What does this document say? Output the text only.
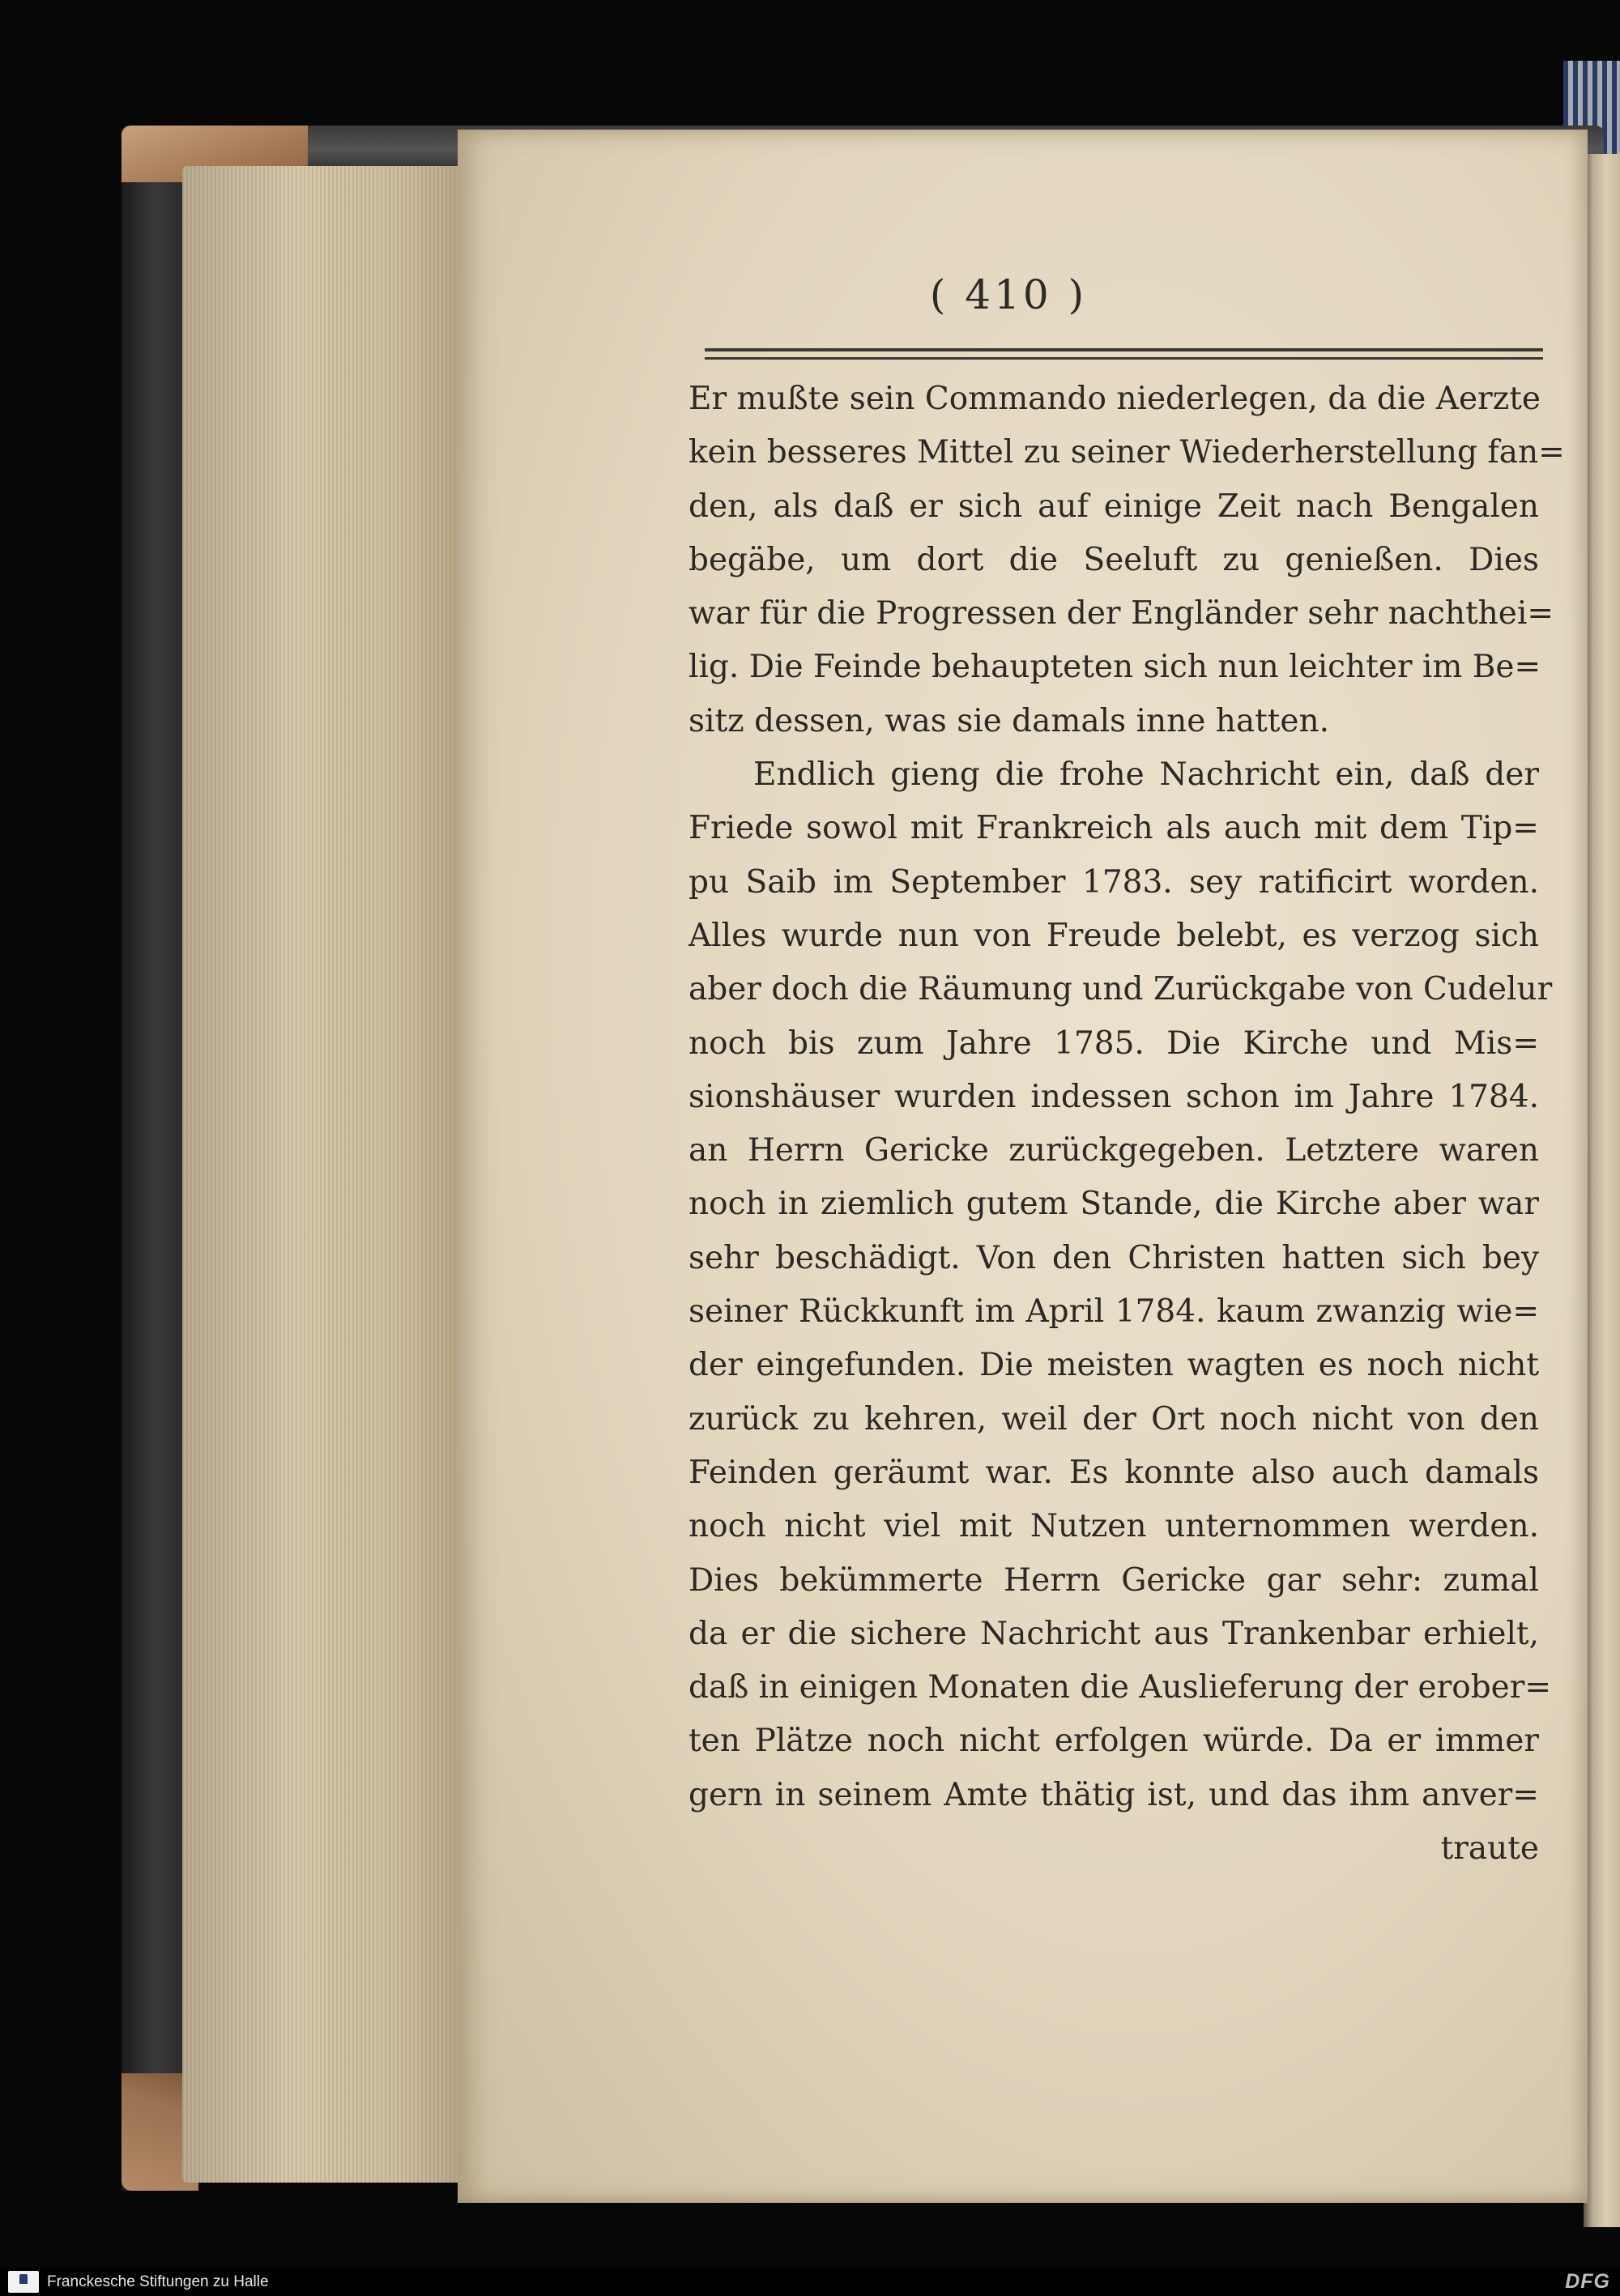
( 410 )
Er mußte sein Commando niederlegen, da die Aerzte
kein besseres Mittel zu seiner Wiederherstellung fan=
den, als daß er sich auf einige Zeit nach Bengalen
begäbe, um dort die Seeluft zu genießen. Dies
war für die Progressen der Engländer sehr nachthei=
lig. Die Feinde behaupteten sich nun leichter im Be=
sitz dessen, was sie damals inne hatten.
Endlich gieng die frohe Nachricht ein, daß der
Friede sowol mit Frankreich als auch mit dem Tip=
pu Saib im September 1783. sey ratificirt worden.
Alles wurde nun von Freude belebt, es verzog sich
aber doch die Räumung und Zurückgabe von Cudelur
noch bis zum Jahre 1785. Die Kirche und Mis=
sionshäuser wurden indessen schon im Jahre 1784.
an Herrn Gericke zurückgegeben. Letztere waren
noch in ziemlich gutem Stande, die Kirche aber war
sehr beschädigt. Von den Christen hatten sich bey
seiner Rückkunft im April 1784. kaum zwanzig wie=
der eingefunden. Die meisten wagten es noch nicht
zurück zu kehren, weil der Ort noch nicht von den
Feinden geräumt war. Es konnte also auch damals
noch nicht viel mit Nutzen unternommen werden.
Dies bekümmerte Herrn Gericke gar sehr: zumal
da er die sichere Nachricht aus Trankenbar erhielt,
daß in einigen Monaten die Auslieferung der erober=
ten Plätze noch nicht erfolgen würde. Da er immer
gern in seinem Amte thätig ist, und das ihm anver=
traute
Franckesche Stiftungen zu Halle	DFG
